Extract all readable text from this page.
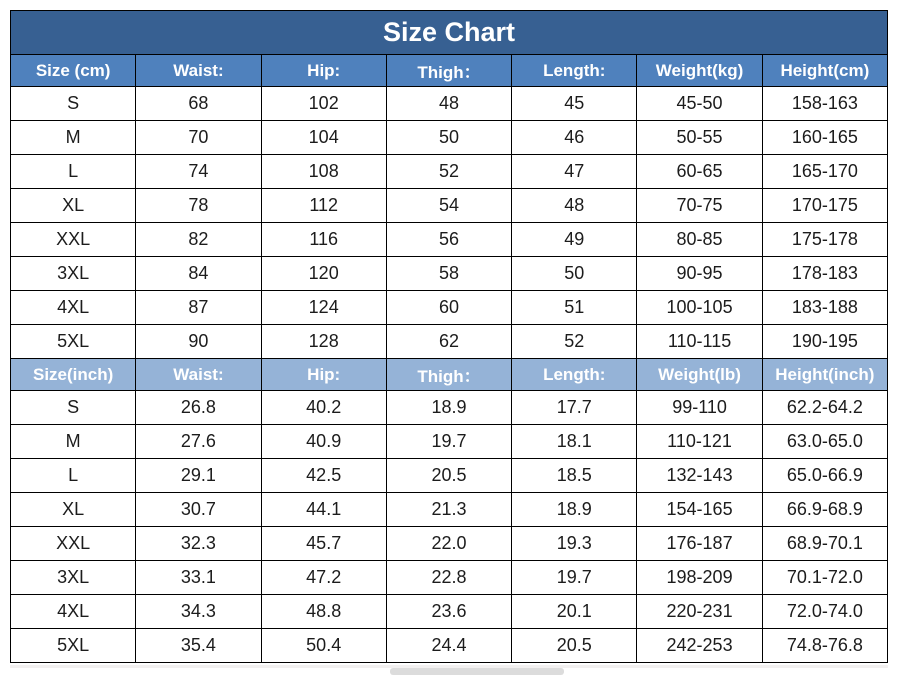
Size Chart						
Size (cm)	Waist:	Hip:	Thigh：	Length:	Weight(kg)	Height(cm)
S	68	102	48	45	45-50	158-163
M	70	104	50	46	50-55	160-165
L	74	108	52	47	60-65	165-170
XL	78	112	54	48	70-75	170-175
XXL	82	116	56	49	80-85	175-178
3XL	84	120	58	50	90-95	178-183
4XL	87	124	60	51	100-105	183-188
5XL	90	128	62	52	110-115	190-195
Size(inch)	Waist:	Hip:	Thigh：	Length:	Weight(lb)	Height(inch)
S	26.8	40.2	18.9	17.7	99-110	62.2-64.2
M	27.6	40.9	19.7	18.1	110-121	63.0-65.0
L	29.1	42.5	20.5	18.5	132-143	65.0-66.9
XL	30.7	44.1	21.3	18.9	154-165	66.9-68.9
XXL	32.3	45.7	22.0	19.3	176-187	68.9-70.1
3XL	33.1	47.2	22.8	19.7	198-209	70.1-72.0
4XL	34.3	48.8	23.6	20.1	220-231	72.0-74.0
5XL	35.4	50.4	24.4	20.5	242-253	74.8-76.8
